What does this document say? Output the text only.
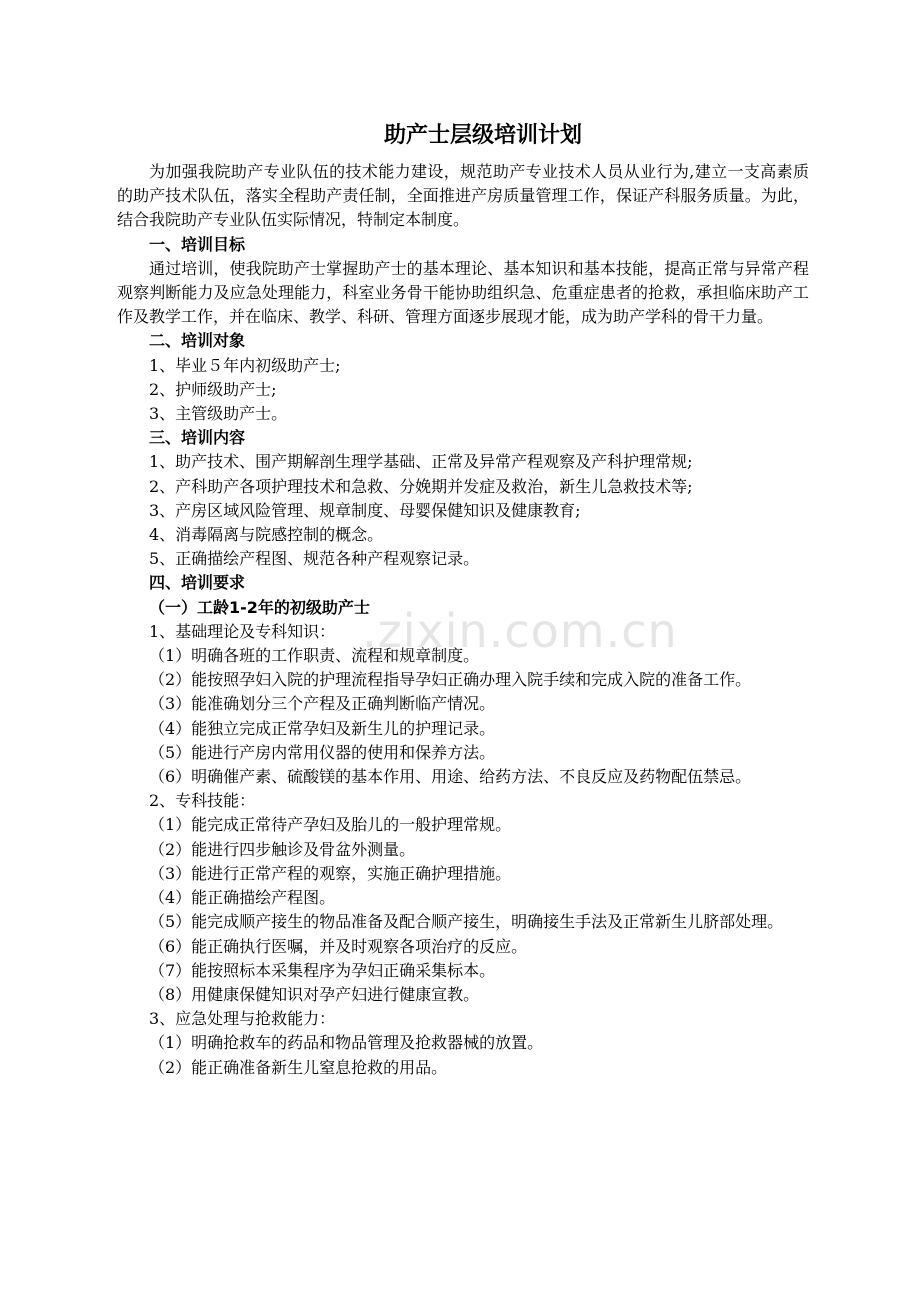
.zixin.com.cn
助产士层级培训计划

为加强我院助产专业队伍的技术能力建设，规范助产专业技术人员从业行为,建立一支高素质的助产技术队伍，落实全程助产责任制，全面推进产房质量管理工作，保证产科服务质量。为此，结合我院助产专业队伍实际情况，特制定本制度。

一、培训目标

通过培训，使我院助产士掌握助产士的基本理论、基本知识和基本技能，提高正常与异常产程观察判断能力及应急处理能力，科室业务骨干能协助组织急、危重症患者的抢救，承担临床助产工作及教学工作，并在临床、教学、科研、管理方面逐步展现才能，成为助产学科的骨干力量。

二、培训对象

1、毕业５年内初级助产士;

2、护师级助产士;

3、主管级助产士。

三、培训内容

1、助产技术、围产期解剖生理学基础、正常及异常产程观察及产科护理常规;

2、产科助产各项护理技术和急救、分娩期并发症及救治，新生儿急救技术等;

3、产房区域风险管理、规章制度、母婴保健知识及健康教育;

4、消毒隔离与院感控制的概念。

5、正确描绘产程图、规范各种产程观察记录。

四、培训要求

（一）工龄1-2年的初级助产士

1、基础理论及专科知识：

（1）明确各班的工作职责、流程和规章制度。

（2）能按照孕妇入院的护理流程指导孕妇正确办理入院手续和完成入院的准备工作。

（3）能准确划分三个产程及正确判断临产情况。

（4）能独立完成正常孕妇及新生儿的护理记录。

（5）能进行产房内常用仪器的使用和保养方法。

（6）明确催产素、硫酸镁的基本作用、用途、给药方法、不良反应及药物配伍禁忌。

2、专科技能：

（1）能完成正常待产孕妇及胎儿的一般护理常规。

（2）能进行四步触诊及骨盆外测量。

（3）能进行正常产程的观察，实施正确护理措施。

（4）能正确描绘产程图。

（5）能完成顺产接生的物品准备及配合顺产接生，明确接生手法及正常新生儿脐部处理。

（6）能正确执行医嘱，并及时观察各项治疗的反应。

（7）能按照标本采集程序为孕妇正确采集标本。

（8）用健康保健知识对孕产妇进行健康宣教。

3、应急处理与抢救能力：

（1）明确抢救车的药品和物品管理及抢救器械的放置。

（2）能正确准备新生儿窒息抢救的用品。
